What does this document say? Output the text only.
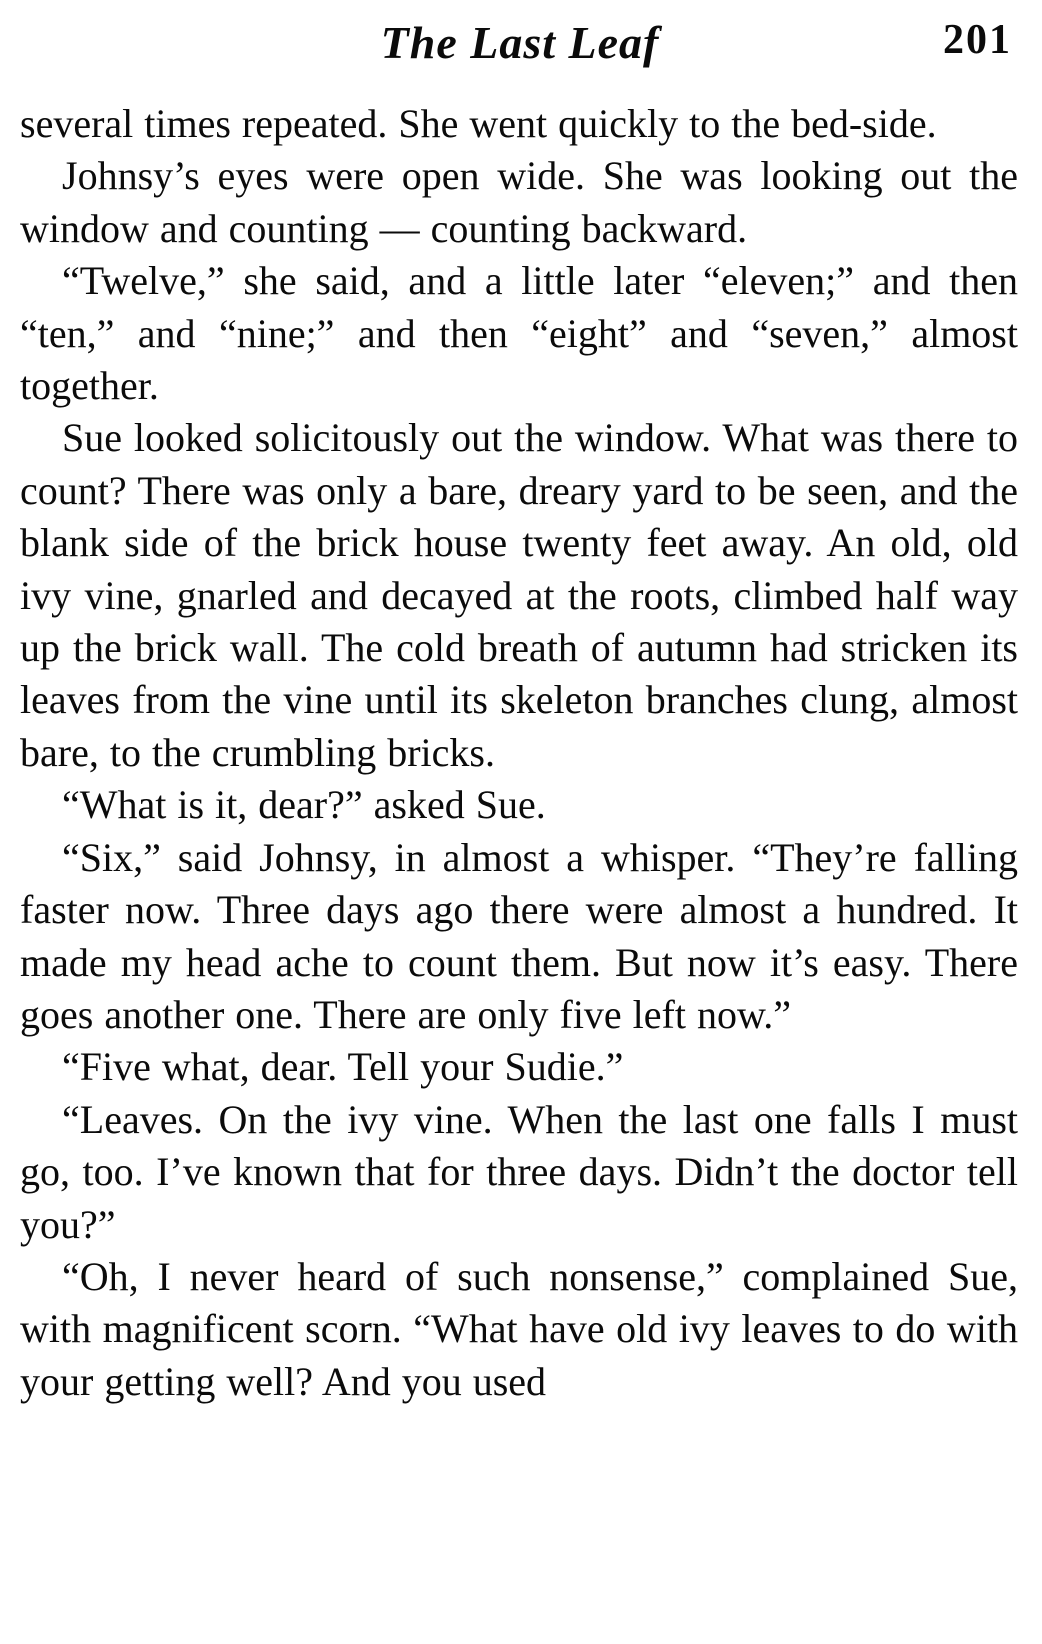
The Last Leaf	201

several times repeated. She went quickly to the bed-side.

Johnsy’s eyes were open wide. She was looking out the window and counting — counting backward.

“Twelve,” she said, and a little later “eleven;” and then “ten,” and “nine;” and then “eight” and “seven,” almost together.

Sue looked solicitously out the window. What was there to count? There was only a bare, dreary yard to be seen, and the blank side of the brick house twenty feet away. An old, old ivy vine, gnarled and decayed at the roots, climbed half way up the brick wall. The cold breath of autumn had stricken its leaves from the vine until its skeleton branches clung, almost bare, to the crumbling bricks.

“What is it, dear?” asked Sue.

“Six,” said Johnsy, in almost a whisper. “They’re falling faster now. Three days ago there were almost a hundred. It made my head ache to count them. But now it’s easy. There goes another one. There are only five left now.”

“Five what, dear. Tell your Sudie.”

“Leaves. On the ivy vine. When the last one falls I must go, too. I’ve known that for three days. Didn’t the doctor tell you?”

“Oh, I never heard of such nonsense,” complained Sue, with magnificent scorn. “What have old ivy leaves to do with your getting well? And you used
